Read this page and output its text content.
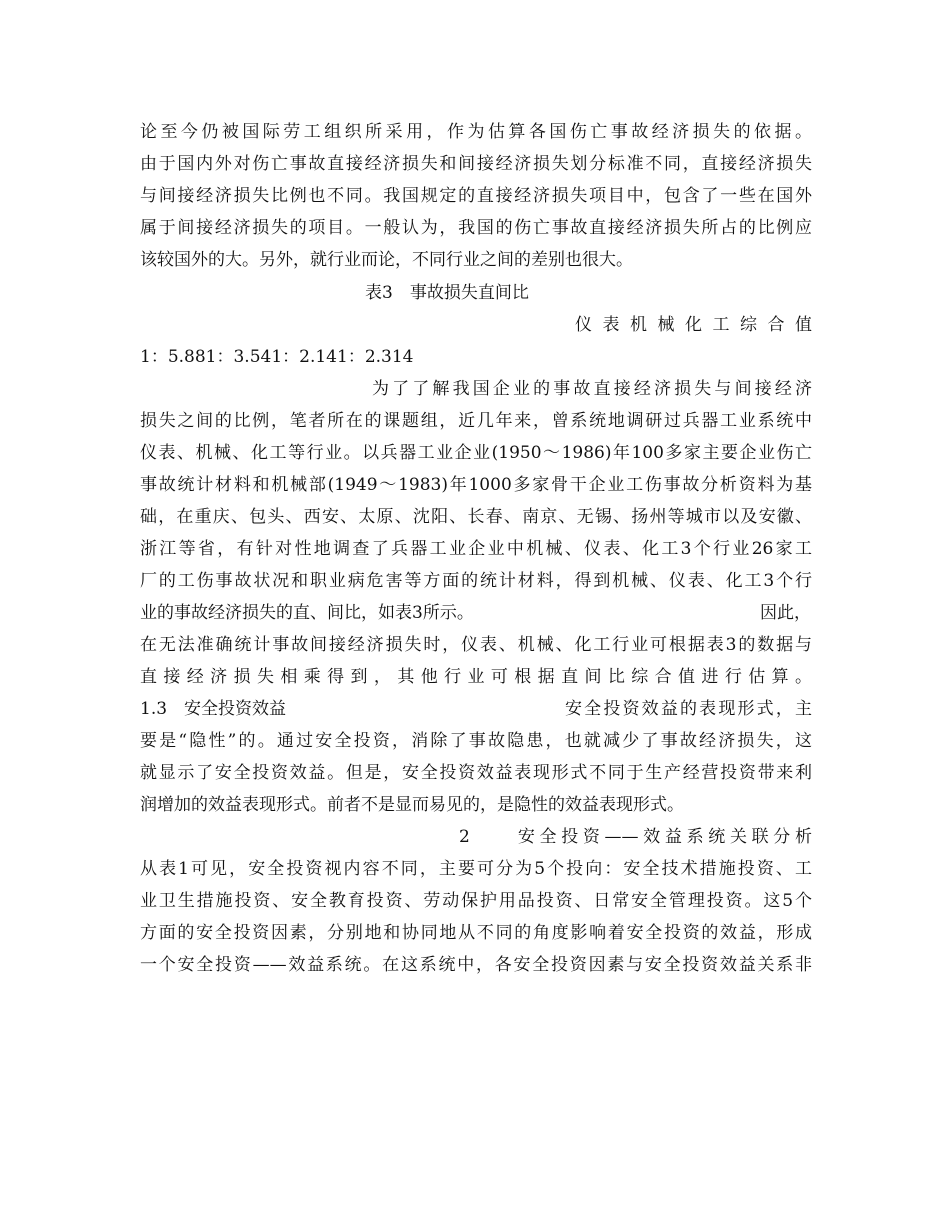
论至今仍被国际劳工组织所采用，作为估算各国伤亡事故经济损失的依据。
由于国内外对伤亡事故直接经济损失和间接经济损失划分标准不同，直接经济损失
与间接经济损失比例也不同。我国规定的直接经济损失项目中，包含了一些在国外
属于间接经济损失的项目。一般认为，我国的伤亡事故直接经济损失所占的比例应
该较国外的大。另外，就行业而论，不同行业之间的差别也很大。
表3　事故损失直间比
仪 表 机 械 化 工 综 合 值
1：5.881：3.541：2.141：2.314
为了了解我国企业的事故直接经济损失与间接经济
损失之间的比例，笔者所在的课题组，近几年来，曾系统地调研过兵器工业系统中
仪表、机械、化工等行业。以兵器工业企业(1950～1986)年100多家主要企业伤亡
事故统计材料和机械部(1949～1983)年1000多家骨干企业工伤事故分析资料为基
础，在重庆、包头、西安、太原、沈阳、长春、南京、无锡、扬州等城市以及安徽、
浙江等省，有针对性地调查了兵器工业企业中机械、仪表、化工3个行业26家工
厂的工伤事故状况和职业病危害等方面的统计材料，得到机械、仪表、化工3个行
业的事故经济损失的直、间比，如表3所示。	因此，
在无法准确统计事故间接经济损失时，仪表、机械、化工行业可根据表3的数据与
直接经济损失相乘得到，其他行业可根据直间比综合值进行估算。
1.3　安全投资效益	安全投资效益的表现形式，主
要是“隐性”的。通过安全投资，消除了事故隐患，也就减少了事故经济损失，这
就显示了安全投资效益。但是，安全投资效益表现形式不同于生产经营投资带来利
润增加的效益表现形式。前者不是显而易见的，是隐性的效益表现形式。
2　　安全投资——效益系统关联分析
从表1可见，安全投资视内容不同，主要可分为5个投向：安全技术措施投资、工
业卫生措施投资、安全教育投资、劳动保护用品投资、日常安全管理投资。这5个
方面的安全投资因素，分别地和协同地从不同的角度影响着安全投资的效益，形成
一个安全投资——效益系统。在这系统中，各安全投资因素与安全投资效益关系非
